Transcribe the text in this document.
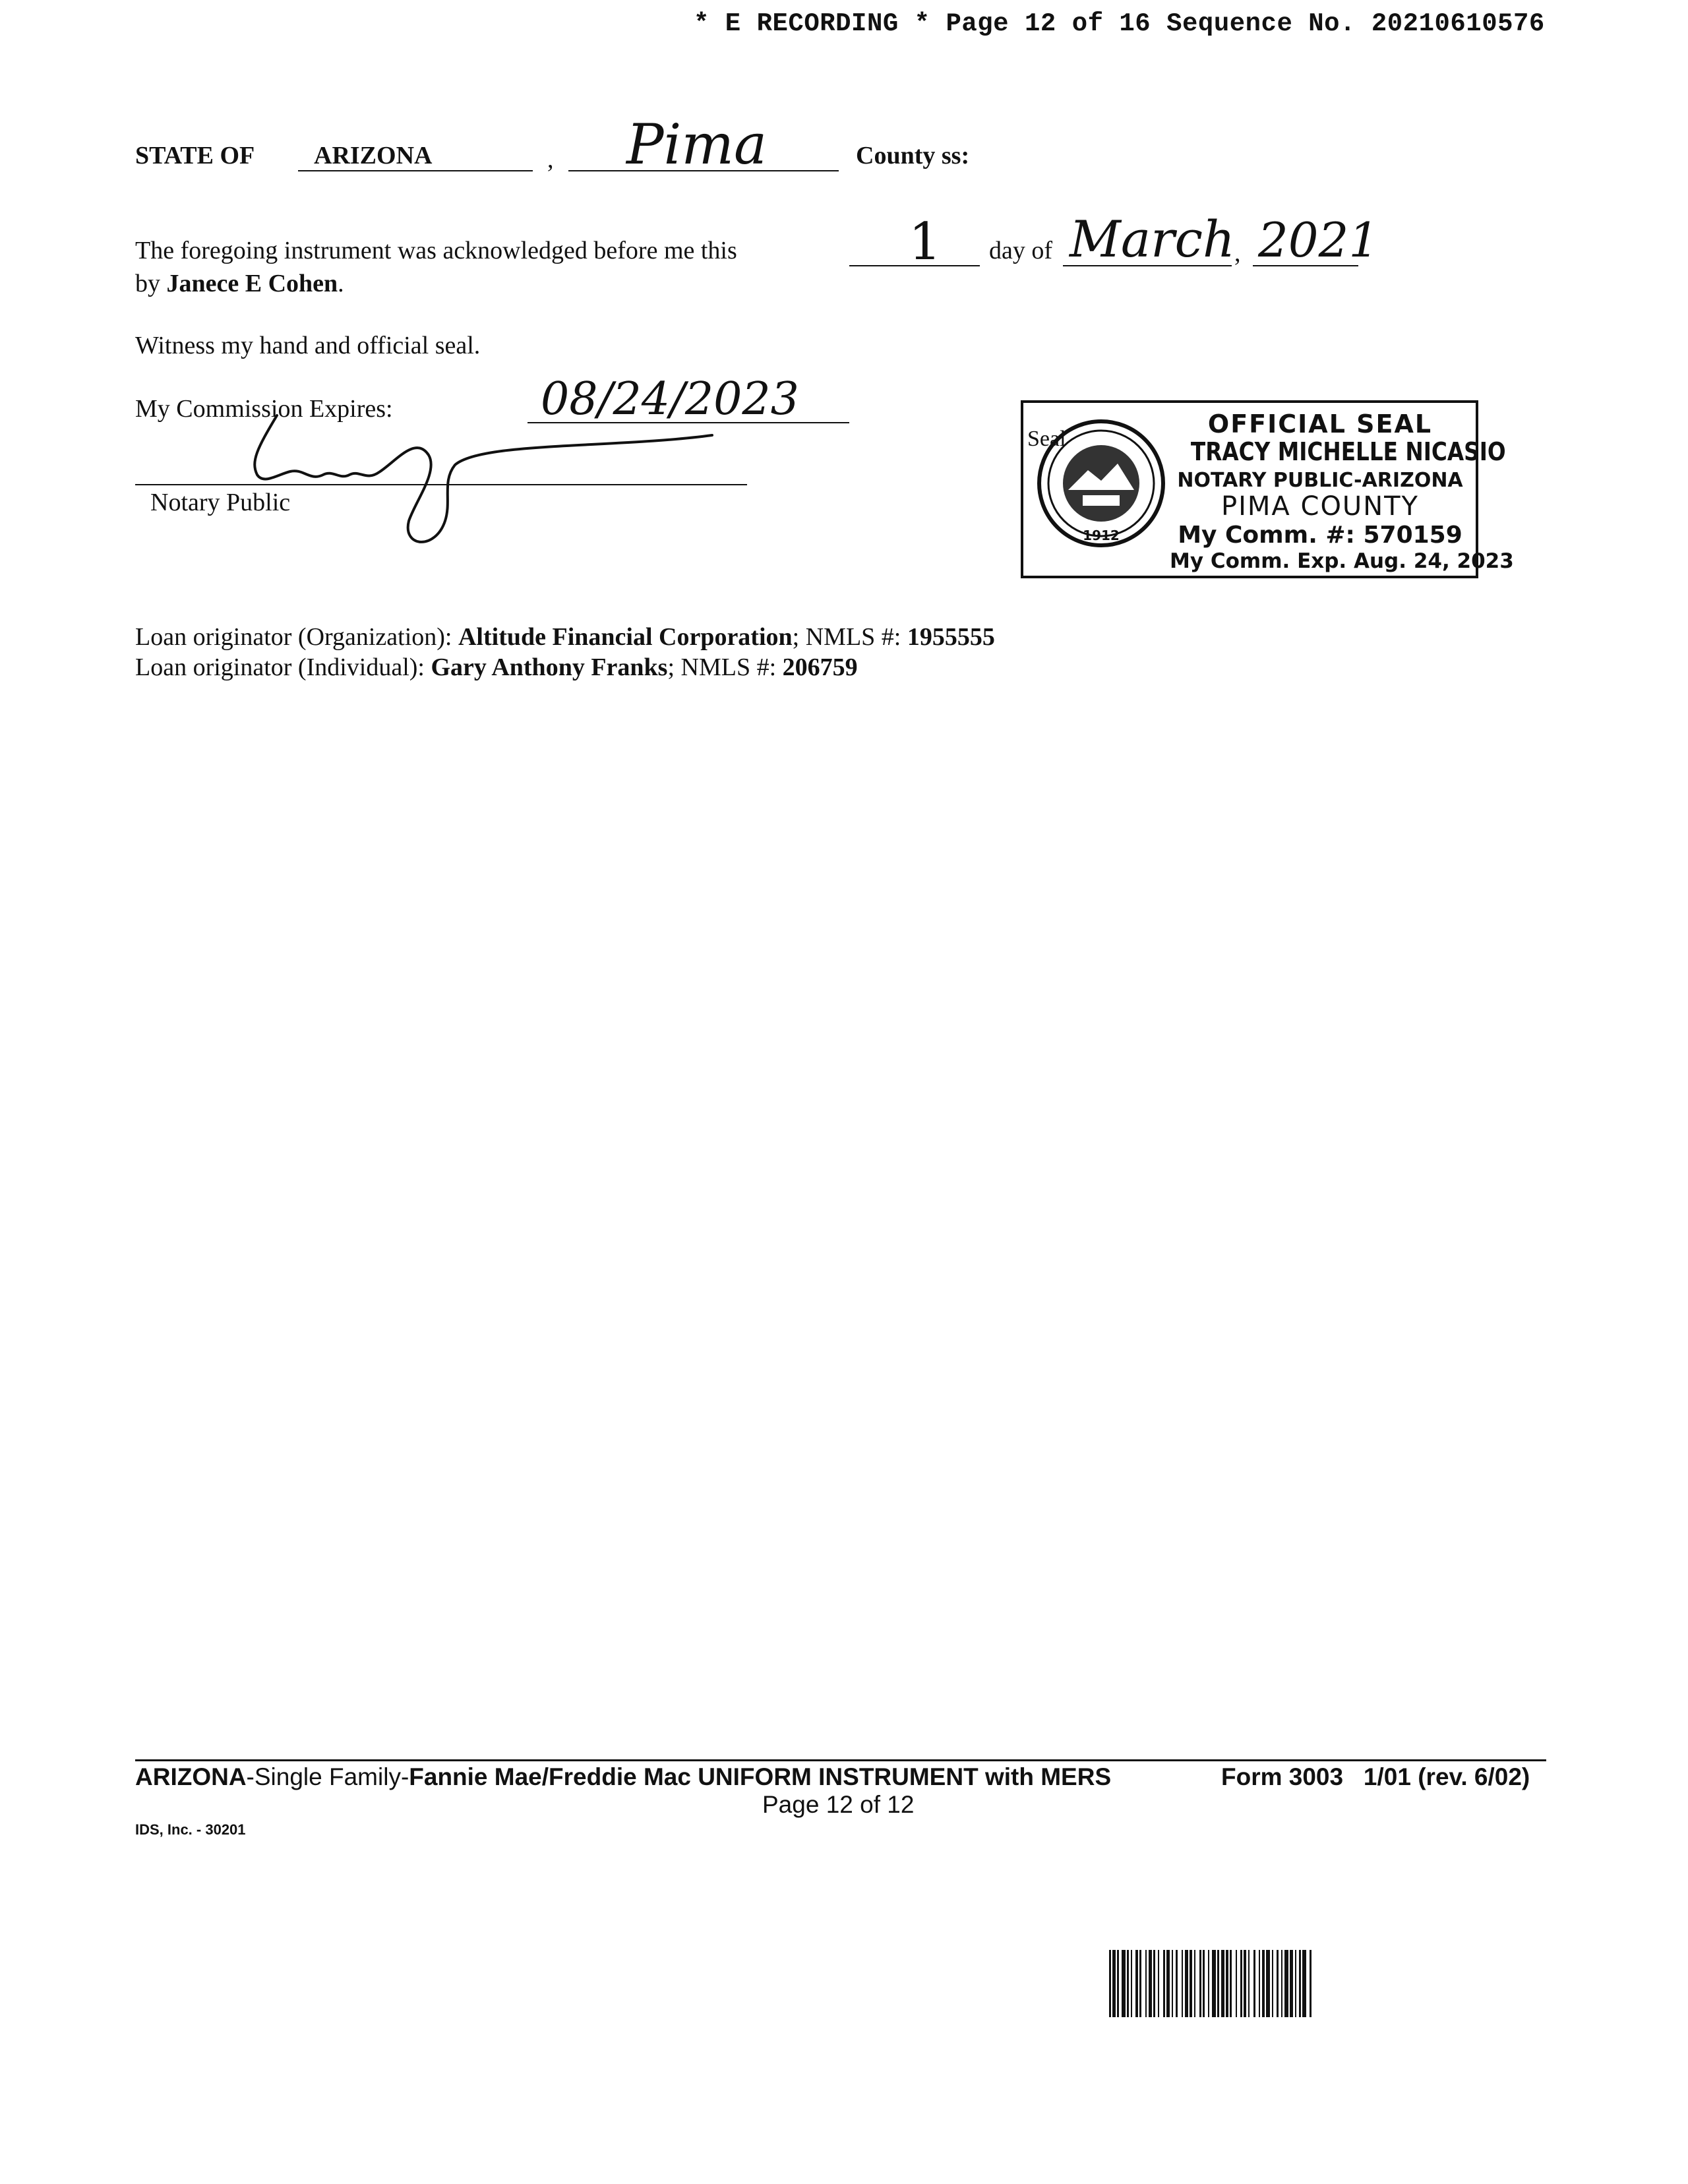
* E RECORDING * Page 12 of 16 Sequence No. 20210610576
STATE OF ARIZONA	, Pima	County ss:
The foregoing instrument was acknowledged before me this	1 day of March , 2021
by Janece E Cohen.
Witness my hand and official seal.
My Commission Expires:	08/24/2023
Notary Public
Seal
1912
OFFICIAL SEAL
TRACY MICHELLE NICASIO
NOTARY PUBLIC-ARIZONA
PIMA COUNTY
My Comm. #: 570159
My Comm. Exp. Aug. 24, 2023
Loan originator (Organization): Altitude Financial Corporation; NMLS #: 1955555
Loan originator (Individual): Gary Anthony Franks; NMLS #: 206759
ARIZONA-Single Family-Fannie Mae/Freddie Mac UNIFORM INSTRUMENT with MERS	Form 3003   1/01 (rev. 6/02)
Page 12 of 12
IDS, Inc. - 30201
